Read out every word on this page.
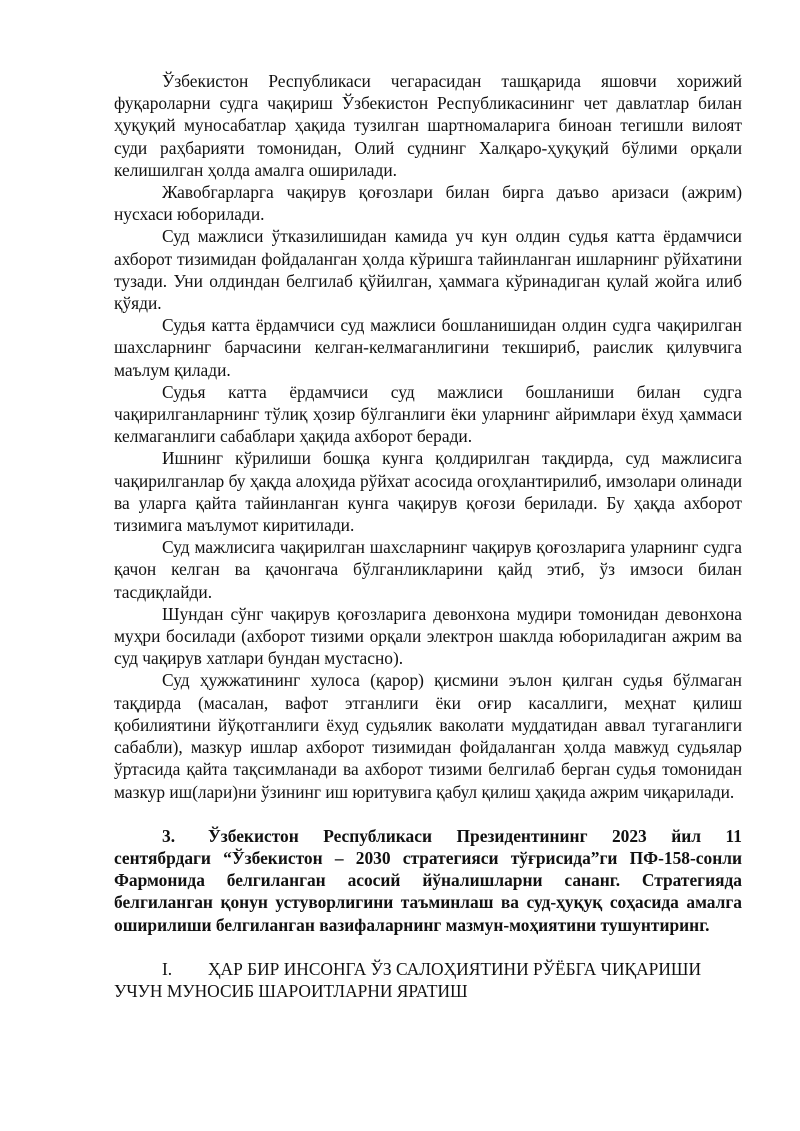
Ўзбекистон Республикаси чегарасидан ташқарида яшовчи хорижий фуқароларни судга чақириш Ўзбекистон Республикасининг чет давлатлар билан ҳуқуқий муносабатлар ҳақида тузилган шартномаларига биноан тегишли вилоят суди раҳбарияти томонидан, Олий суднинг Халқаро-ҳуқуқий бўлими орқали келишилган ҳолда амалга оширилади.

Жавобгарларга чақирув қоғозлари билан бирга даъво аризаси (ажрим) нусхаси юборилади.

Суд мажлиси ўтказилишидан камида уч кун олдин судья катта ёрдамчиси ахборот тизимидан фойдаланган ҳолда кўришга тайинланган ишларнинг рўйхатини тузади. Уни олдиндан белгилаб қўйилган, ҳаммага кўринадиган қулай жойга илиб қўяди.

Судья катта ёрдамчиси суд мажлиси бошланишидан олдин судга чақирилган шахсларнинг барчасини келган-келмаганлигини текшириб, раислик қилувчига маълум қилади.

Судья катта ёрдамчиси суд мажлиси бошланиши билан судга чақирилганларнинг тўлиқ ҳозир бўлганлиги ёки уларнинг айримлари ёхуд ҳаммаси келмаганлиги сабаблари ҳақида ахборот беради.

Ишнинг кўрилиши бошқа кунга қолдирилган тақдирда, суд мажлисига чақирилганлар бу ҳақда алоҳида рўйхат асосида огоҳлантирилиб, имзолари олинади ва уларга қайта тайинланган кунга чақирув қоғози берилади. Бу ҳақда ахборот тизимига маълумот киритилади.

Суд мажлисига чақирилган шахсларнинг чақирув қоғозларига уларнинг судга қачон келган ва қачонгача бўлганликларини қайд этиб, ўз имзоси билан тасдиқлайди.

Шундан сўнг чақирув қоғозларига девонхона мудири томонидан девонхона муҳри босилади (ахборот тизими орқали электрон шаклда юбориладиган ажрим ва суд чақирув хатлари бундан мустасно).

Суд ҳужжатининг хулоса (қарор) қисмини эълон қилган судья бўлмаган тақдирда (масалан, вафот этганлиги ёки оғир касаллиги, меҳнат қилиш қобилиятини йўқотганлиги ёхуд судьялик ваколати муддатидан аввал тугаганлиги сабабли), мазкур ишлар ахборот тизимидан фойдаланган ҳолда мавжуд судьялар ўртасида қайта тақсимланади ва ахборот тизими белгилаб берган судья томонидан мазкур иш(лари)ни ўзининг иш юритувига қабул қилиш ҳақида ажрим чиқарилади.

3. Ўзбекистон Республикаси Президентининг 2023 йил 11 сентябрдаги “Ўзбекистон – 2030 стратегияси тўғрисида”ги ПФ-158-сонли Фармонида белгиланган асосий йўналишларни сананг. Стратегияда белгиланган қонун устуворлигини таъминлаш ва суд-ҳуқуқ соҳасида амалга оширилиши белгиланган вазифаларнинг мазмун-моҳиятини тушунтиринг.

I. ҲАР БИР ИНСОНГА ЎЗ САЛОҲИЯТИНИ РЎЁБГА ЧИҚАРИШИ УЧУН МУНОСИБ ШАРОИТЛАРНИ ЯРАТИШ
